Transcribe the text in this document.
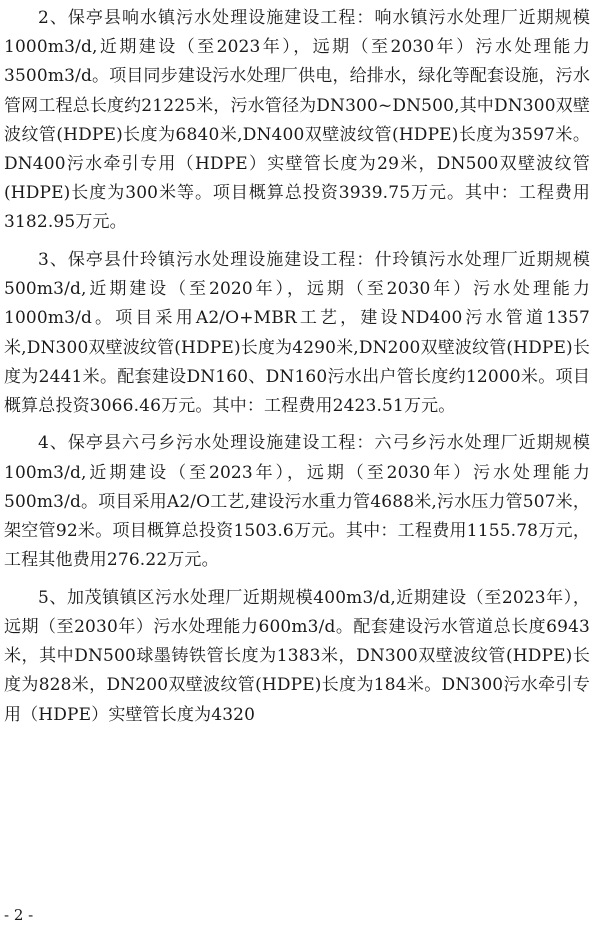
2、保亭县响水镇污水处理设施建设工程：响水镇污水处理厂近期规模1000m3/d,近期建设（至2023年），远期（至2030年）污水处理能力3500m3/d。项目同步建设污水处理厂供电，给排水，绿化等配套设施，污水管网工程总长度约21225米，污水管径为DN300~DN500,其中DN300双壁波纹管(HDPE)长度为6840米,DN400双壁波纹管(HDPE)长度为3597米。DN400污水牵引专用（HDPE）实壁管长度为29米，DN500双壁波纹管(HDPE)长度为300米等。项目概算总投资3939.75万元。其中：工程费用3182.95万元。

3、保亭县什玲镇污水处理设施建设工程：什玲镇污水处理厂近期规模500m3/d,近期建设（至2020年），远期（至2030年）污水处理能力1000m3/d。项目采用A2/O+MBR工艺，建设ND400污水管道1357米,DN300双壁波纹管(HDPE)长度为4290米,DN200双壁波纹管(HDPE)长度为2441米。配套建设DN160、DN160污水出户管长度约12000米。项目概算总投资3066.46万元。其中：工程费用2423.51万元。

4、保亭县六弓乡污水处理设施建设工程：六弓乡污水处理厂近期规模100m3/d,近期建设（至2023年），远期（至2030年）污水处理能力500m3/d。项目采用A2/O工艺,建设污水重力管4688米,污水压力管507米，架空管92米。项目概算总投资1503.6万元。其中：工程费用1155.78万元，工程其他费用276.22万元。

5、加茂镇镇区污水处理厂近期规模400m3/d,近期建设（至2023年），远期（至2030年）污水处理能力600m3/d。配套建设污水管道总长度6943米，其中DN500球墨铸铁管长度为1383米，DN300双壁波纹管(HDPE)长度为828米，DN200双壁波纹管(HDPE)长度为184米。DN300污水牵引专用（HDPE）实壁管长度为4320

- 2 -
